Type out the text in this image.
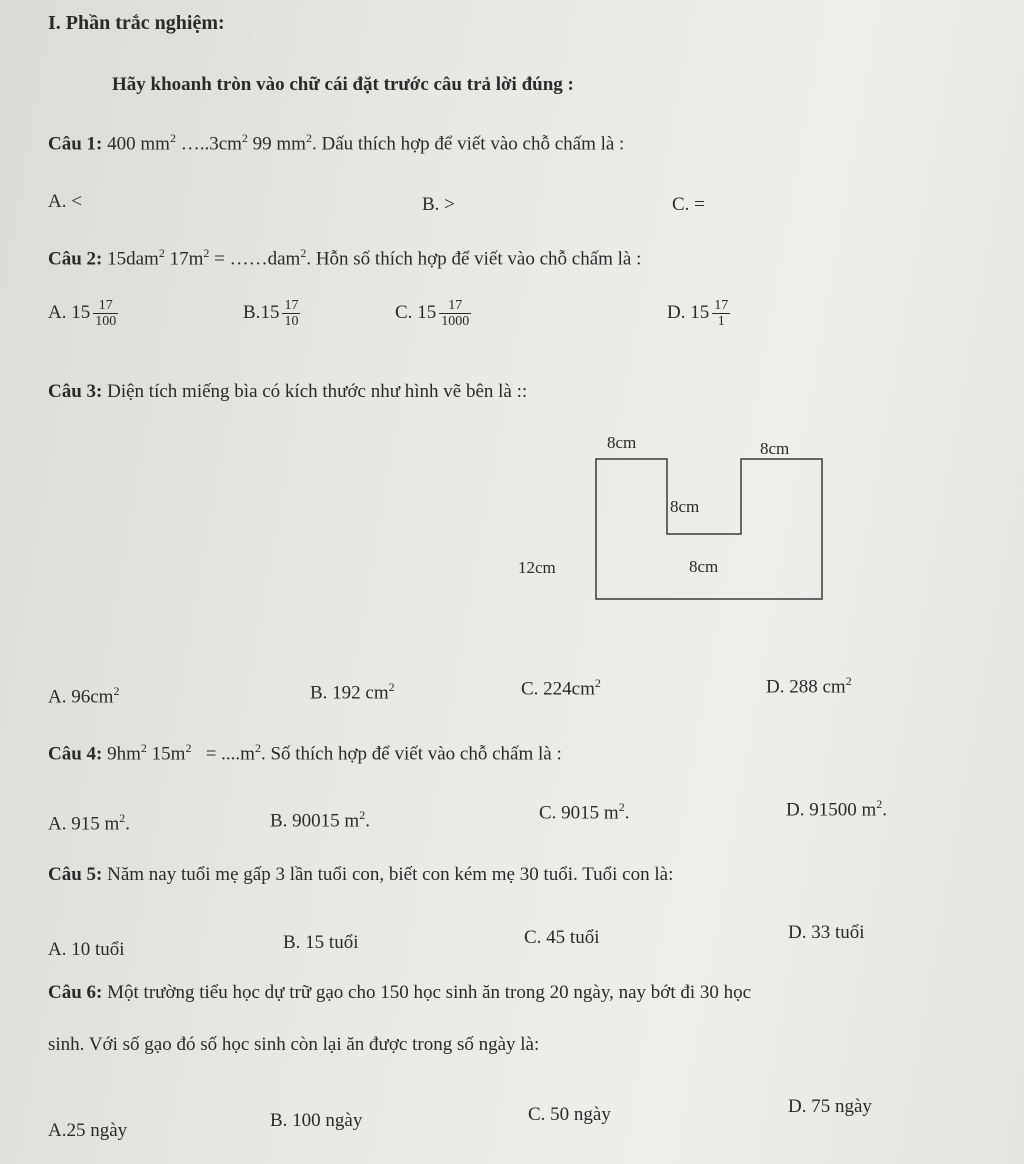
I. Phần trắc nghiệm:
Hãy khoanh tròn vào chữ cái đặt trước câu trả lời đúng :
Câu 1: 400 $mm^2$ $\dots..3cm^2$ 99 $mm^2$. Dấu thích hợp để viết vào chỗ chấm là :
A. <	B. >	C. =
Câu 2: 15dam$^2$ $17m^2$ = ……dam$^2$. Hỗn số thích hợp để viết vào chỗ chấm là :
A. $15 \frac{17}{100}$	$B.15 \frac{17}{10}$	C. $15 \frac{17}{1000}$	D. $15 \frac{17}{1}$
Câu 3: Diện tích miếng bìa có kích thước như hình vẽ bên là ::
8cm	8cm
8cm
12cm	8cm
A. $96cm^2$	B. 192 $cm^2$	C. $224cm^2$	D. 288 $cm^2$
Câu 4: $9hm^2$ $15m^2 = ....m^2$. Số thích hợp để viết vào chỗ chấm là :
A. 915 $m^2$.	B. 90015 $m^2$.	C. 9015 $m^2$.	D. 91500 $m^2$.
Câu 5: Năm nay tuổi mẹ gấp 3 lần tuổi con, biết con kém mẹ 30 tuổi. Tuổi con là:
A. 10 tuổi	B. 15 tuổi	C. 45 tuổi	D. 33 tuổi
Câu 6: Một trường tiểu học dự trữ gạo cho 150 học sinh ăn trong 20 ngày, nay bớt đi 30 học
sinh. Với số gạo đó số học sinh còn lại ăn được trong số ngày là:
A.25 ngày	B. 100 ngày	C. 50 ngày	D. 75 ngày
